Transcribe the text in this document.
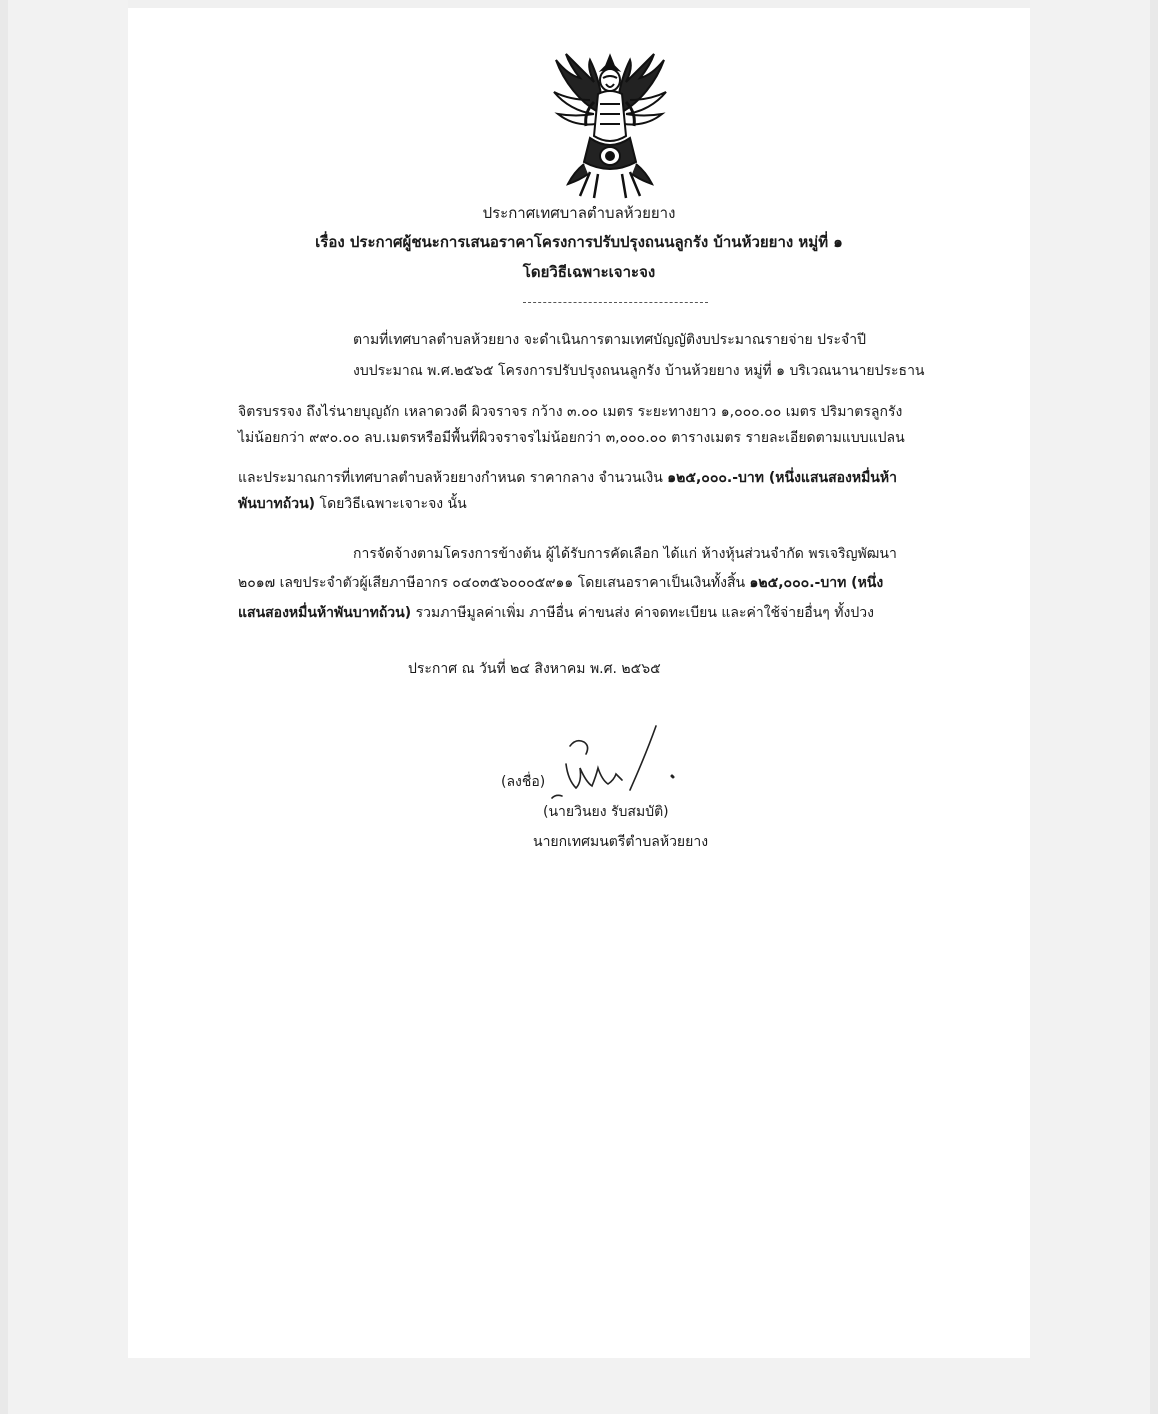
ประกาศเทศบาลตำบลห้วยยาง
เรื่อง ประกาศผู้ชนะการเสนอราคาโครงการปรับปรุงถนนลูกรัง บ้านห้วยยาง หมู่ที่ ๑
โดยวิธีเฉพาะเจาะจง
ตามที่เทศบาลตำบลห้วยยาง จะดำเนินการตามเทศบัญญัติงบประมาณรายจ่าย ประจำปี
งบประมาณ พ.ศ.๒๕๖๕ โครงการปรับปรุงถนนลูกรัง บ้านห้วยยาง หมู่ที่ ๑ บริเวณนานายประธาน
จิตรบรรจง ถึงไร่นายบุญถัก เหลาดวงดี ผิวจราจร กว้าง ๓.๐๐ เมตร ระยะทางยาว ๑,๐๐๐.๐๐ เมตร ปริมาตรลูกรัง
ไม่น้อยกว่า ๙๙๐.๐๐ ลบ.เมตรหรือมีพื้นที่ผิวจราจรไม่น้อยกว่า ๓,๐๐๐.๐๐ ตารางเมตร รายละเอียดตามแบบแปลน
และประมาณการที่เทศบาลตำบลห้วยยางกำหนด ราคากลาง จำนวนเงิน ๑๒๕,๐๐๐.-บาท (หนึ่งแสนสองหมื่นห้า
พันบาทถ้วน) โดยวิธีเฉพาะเจาะจง นั้น
การจัดจ้างตามโครงการข้างต้น ผู้ได้รับการคัดเลือก ได้แก่ ห้างหุ้นส่วนจำกัด พรเจริญพัฒนา
๒๐๑๗ เลขประจำตัวผู้เสียภาษีอากร ๐๔๐๓๕๖๐๐๐๕๙๑๑ โดยเสนอราคาเป็นเงินทั้งสิ้น ๑๒๕,๐๐๐.-บาท (หนึ่ง
แสนสองหมื่นห้าพันบาทถ้วน) รวมภาษีมูลค่าเพิ่ม ภาษีอื่น ค่าขนส่ง ค่าจดทะเบียน และค่าใช้จ่ายอื่นๆ ทั้งปวง
ประกาศ ณ วันที่ ๒๔ สิงหาคม พ.ศ. ๒๕๖๕
(ลงชื่อ)
(นายวินยง รับสมบัติ)
นายกเทศมนตรีตำบลห้วยยาง
